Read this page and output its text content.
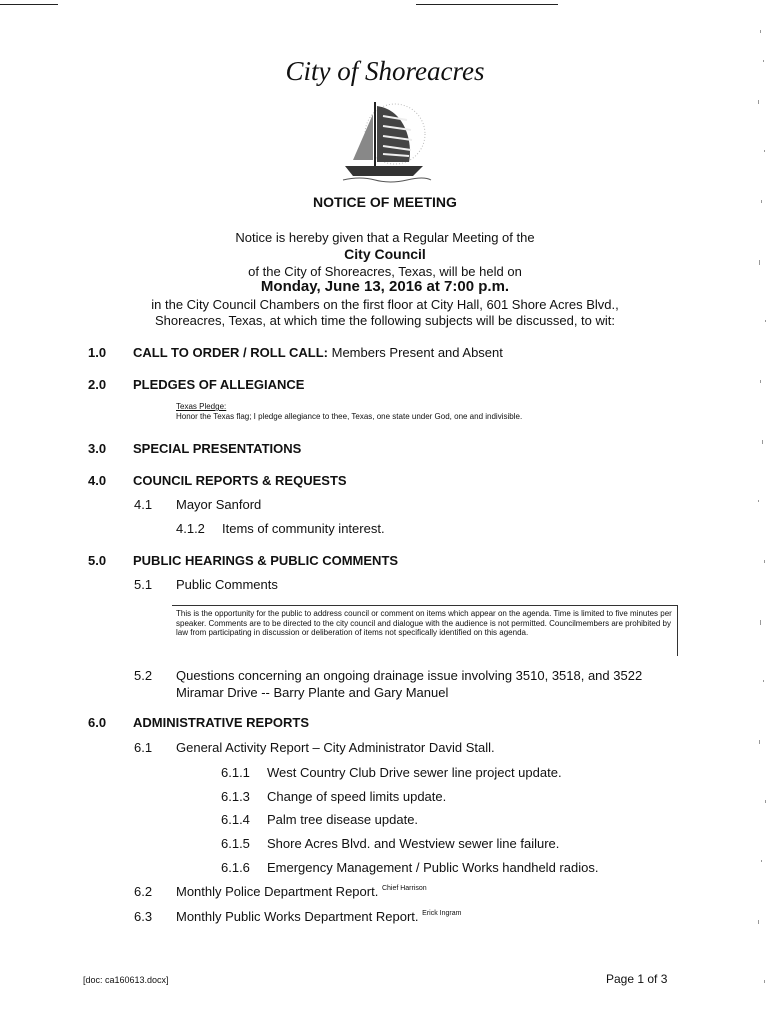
City of Shoreacres
NOTICE OF MEETING
Notice is hereby given that a Regular Meeting of the
City Council
of the City of Shoreacres, Texas, will be held on
Monday, June 13, 2016 at 7:00 p.m.
in the City Council Chambers on the first floor at City Hall, 601 Shore Acres Blvd.,
Shoreacres, Texas, at which time the following subjects will be discussed, to wit:
1.0 CALL TO ORDER / ROLL CALL: Members Present and Absent
2.0 PLEDGES OF ALLEGIANCE
Texas Pledge:
Honor the Texas flag; I pledge allegiance to thee, Texas, one state under God, one and indivisible.
3.0 SPECIAL PRESENTATIONS
4.0 COUNCIL REPORTS & REQUESTS
4.1 Mayor Sanford
4.1.2 Items of community interest.
5.0 PUBLIC HEARINGS & PUBLIC COMMENTS
5.1 Public Comments
This is the opportunity for the public to address council or comment on items which appear on the agenda. Time is limited to five minutes per speaker. Comments are to be directed to the city council and dialogue with the audience is not permitted. Councilmembers are prohibited by law from participating in discussion or deliberation of items not specifically identified on this agenda.
5.2 Questions concerning an ongoing drainage issue involving 3510, 3518, and 3522
Miramar Drive -- Barry Plante and Gary Manuel
6.0 ADMINISTRATIVE REPORTS
6.1 General Activity Report – City Administrator David Stall.
6.1.1 West Country Club Drive sewer line project update.
6.1.3 Change of speed limits update.
6.1.4 Palm tree disease update.
6.1.5 Shore Acres Blvd. and Westview sewer line failure.
6.1.6 Emergency Management / Public Works handheld radios.
6.2 Monthly Police Department Report. $^{Chief Harrison}$
6.3 Monthly Public Works Department Report. $^{Erick Ingram}$
[doc: ca160613.docx]	Page 1 of 3
